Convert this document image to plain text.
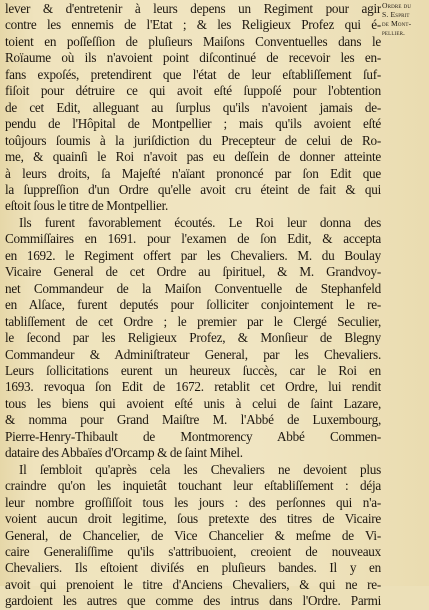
Ordre du
S. Esprit
de Mont-
pellier.
lever & d'entretenir à leurs depens un Regiment pour agir
contre les ennemis de l'Etat ; & les Religieux Profez qui é-
toient en poſſeſſion de pluſieurs Maiſons Conventuelles dans le
Roïaume où ils n'avoient point diſcontinué de recevoir les en-
fans expoſés, pretendirent que l'état de leur eſtabliſſement ſuf-
fiſoit pour détruire ce qui avoit eſté ſuppoſé pour l'obtention
de cet Edit, alleguant au ſurplus qu'ils n'avoient jamais de-
pendu de l'Hôpital de Montpellier ; mais qu'ils avoient eſté
toûjours ſoumis à la juriſdiction du Precepteur de celui de Ro-
me, & quainſi le Roi n'avoit pas eu deſſein de donner atteinte
à leurs droits, ſa Majeſté n'aïant prononcé par ſon Edit que
la ſuppreſſion d'un Ordre qu'elle avoit cru éteint de fait & qui
eſtoit ſous le titre de Montpellier.
Ils furent favorablement écoutés. Le Roi leur donna des
Commiſſaires en 1691. pour l'examen de ſon Edit, & accepta
en 1692. le Regiment offert par les Chevaliers. M. du Boulay
Vicaire General de cet Ordre au ſpirituel, & M. Grandvoy-
net Commandeur de la Maiſon Conventuelle de Stephanfeld
en Alſace, furent deputés pour ſolliciter conjointement le re-
tabliſſement de cet Ordre ; le premier par le Clergé Seculier,
le ſecond par les Religieux Profez, & Monſieur de Blegny
Commandeur & Adminiſtrateur General, par les Chevaliers.
Leurs ſollicitations eurent un heureux ſuccès, car le Roi en
1693. revoqua ſon Edit de 1672. retablit cet Ordre, lui rendit
tous les biens qui avoient eſté unis à celui de ſaint Lazare,
& nomma pour Grand Maiſtre M. l'Abbé de Luxembourg,
Pierre-Henry-Thibault de Montmorency Abbé Commen-
dataire des Abbaïes d'Orcamp & de ſaint Mihel.
Il ſembloit qu'après cela les Chevaliers ne devoient plus
craindre qu'on les inquietât touchant leur eſtabliſſement : déja
leur nombre groſſiſſoit tous les jours : des perſonnes qui n'a-
voient aucun droit legitime, ſous pretexte des titres de Vicaire
General, de Chancelier, de Vice Chancelier & meſme de Vi-
caire Generaliſſime qu'ils s'attribuoient, creoient de nouveaux
Chevaliers. Ils eſtoient diviſés en pluſieurs bandes. Il y en
avoit qui prenoient le titre d'Anciens Chevaliers, & qui ne re-
gardoient les autres que comme des intrus dans l'Ordre. Parmi
